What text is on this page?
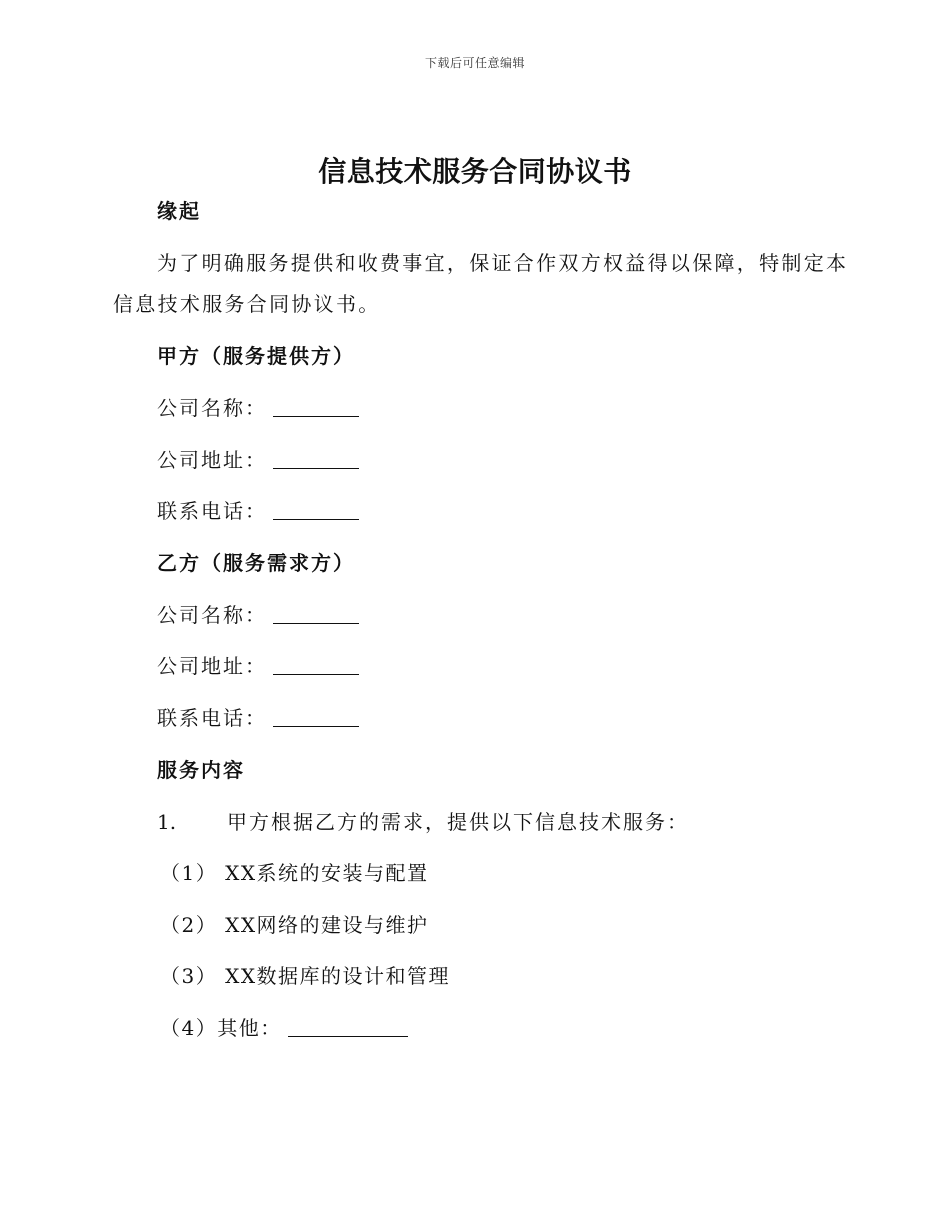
下载后可任意编辑
信息技术服务合同协议书
缘起
为了明确服务提供和收费事宜，保证合作双方权益得以保障，特制定本
信息技术服务合同协议书。
甲方（服务提供方）
公司名称：
公司地址：
联系电话：
乙方（服务需求方）
公司名称：
公司地址：
联系电话：
服务内容
1.	甲方根据乙方的需求，提供以下信息技术服务：
（1） XX系统的安装与配置
（2） XX网络的建设与维护
（3） XX数据库的设计和管理
（4）其他：
